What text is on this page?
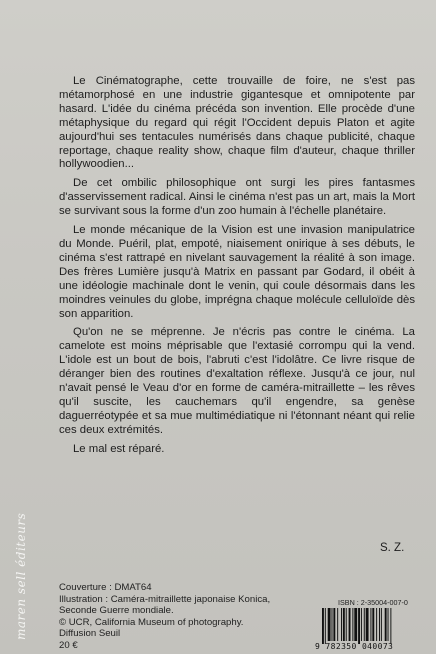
maren sell éditeurs

Le Cinématographe, cette trouvaille de foire, ne s'est pas métamorphosé en une industrie gigantesque et omnipotente par hasard. L'idée du cinéma précéda son invention. Elle procède d'une métaphysique du regard qui régit l'Occident depuis Platon et agite aujourd'hui ses tentacules numérisés dans chaque publicité, chaque reportage, chaque reality show, chaque film d'auteur, chaque thriller hollywoodien...

De cet ombilic philosophique ont surgi les pires fantasmes d'asservissement radical. Ainsi le cinéma n'est pas un art, mais la Mort se survivant sous la forme d'un zoo humain à l'échelle planétaire.

Le monde mécanique de la Vision est une invasion manipulatrice du Monde. Puéril, plat, empoté, niaisement onirique à ses débuts, le cinéma s'est rattrapé en nivelant sauvagement la réalité à son image. Des frères Lumière jusqu'à Matrix en passant par Godard, il obéit à une idéologie machinale dont le venin, qui coule désormais dans les moindres veinules du globe, imprégna chaque molécule celluloïde dès son apparition.

Qu'on ne se méprenne. Je n'écris pas contre le cinéma. La camelote est moins méprisable que l'extasié corrompu qui la vend. L'idole est un bout de bois, l'abruti c'est l'idolâtre. Ce livre risque de déranger bien des routines d'exaltation réflexe. Jusqu'à ce jour, nul n'avait pensé le Veau d'or en forme de caméra-mitraillette – les rêves qu'il suscite, les cauchemars qu'il engendre, sa genèse daguerréotypée et sa mue multimédiatique ni l'étonnant néant qui relie ces deux extrémités.

Le mal est réparé.

S. Z.
Couverture : DMAT64
Illustration : Caméra-mitraillette japonaise Konica,
Seconde Guerre mondiale.
© UCR, California Museum of photography.
Diffusion Seuil
20 €
ISBN : 2-35004-007-0
9 782350 040073
